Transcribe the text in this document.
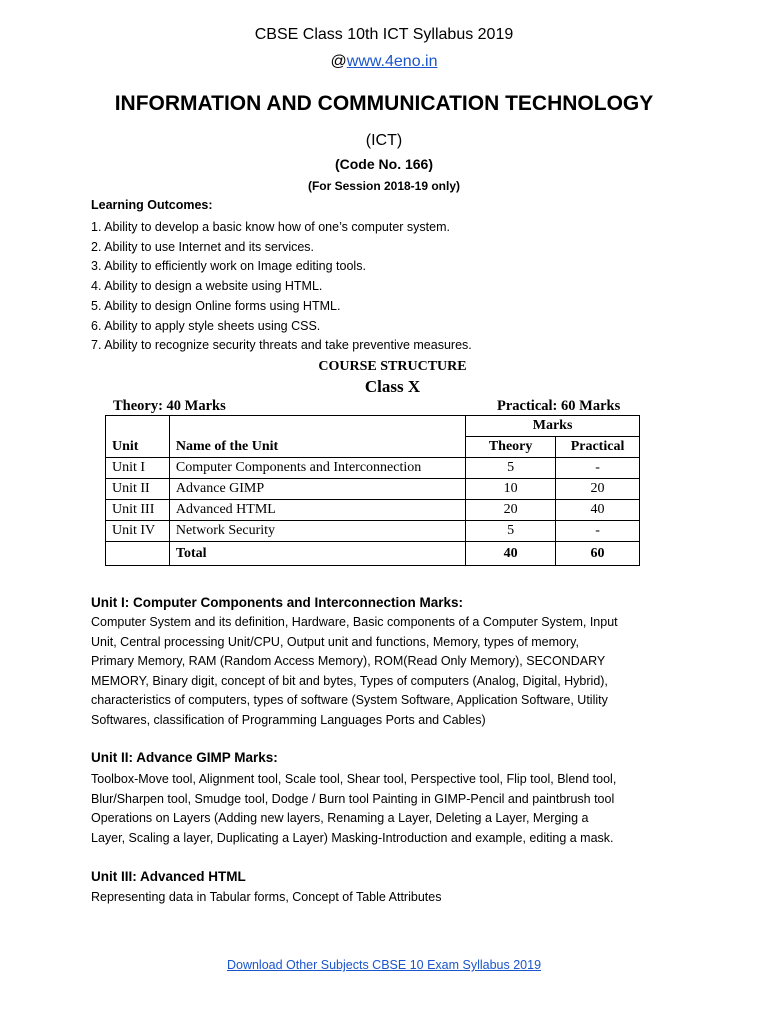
CBSE Class 10th ICT Syllabus 2019
@www.4eno.in
INFORMATION AND COMMUNICATION TECHNOLOGY
(ICT)
(Code No. 166)
(For Session 2018-19 only)
Learning Outcomes:
1. Ability to develop a basic know how of one’s computer system.
2. Ability to use Internet and its services.
3. Ability to efficiently work on Image editing tools.
4. Ability to design a website using HTML.
5. Ability to design Online forms using HTML.
6. Ability to apply style sheets using CSS.
7. Ability to recognize security threats and take preventive measures.
COURSE STRUCTURE
Class X
Theory: 40 Marks	Practical: 60 Marks
		Marks	
Unit	Name of the Unit	Theory	Practical
Unit I	Computer Components and Interconnection	5	-
Unit II	Advance GIMP	10	20
Unit III	Advanced HTML	20	40
Unit IV	Network Security	5	-
	Total	40	60
Unit I: Computer Components and Interconnection Marks:
Computer System and its definition, Hardware, Basic components of a Computer System, Input
Unit, Central processing Unit/CPU, Output unit and functions, Memory, types of memory,
Primary Memory, RAM (Random Access Memory), ROM(Read Only Memory), SECONDARY
MEMORY, Binary digit, concept of bit and bytes, Types of computers (Analog, Digital, Hybrid),
characteristics of computers, types of software (System Software, Application Software, Utility
Softwares, classification of Programming Languages Ports and Cables)
Unit II: Advance GIMP Marks:
Toolbox-Move tool, Alignment tool, Scale tool, Shear tool, Perspective tool, Flip tool, Blend tool,
Blur/Sharpen tool, Smudge tool, Dodge / Burn tool Painting in GIMP-Pencil and paintbrush tool
Operations on Layers (Adding new layers, Renaming a Layer, Deleting a Layer, Merging a
Layer, Scaling a layer, Duplicating a Layer) Masking-Introduction and example, editing a mask.
Unit III: Advanced HTML
Representing data in Tabular forms, Concept of Table Attributes
Download Other Subjects CBSE 10 Exam Syllabus 2019
